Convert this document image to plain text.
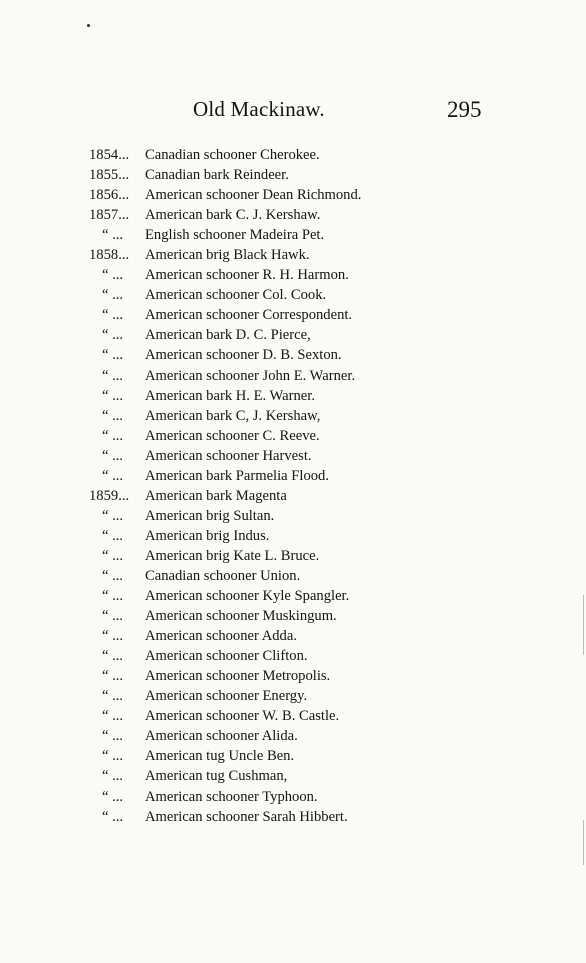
Old Mackinaw.	295
1854... Canadian schooner Cherokee.
1855... Canadian bark Reindeer.
1856... American schooner Dean Richmond.
1857... American bark C. J. Kershaw.
“ ... English schooner Madeira Pet.
1858... American brig Black Hawk.
“ ... American schooner R. H. Harmon.
“ ... American schooner Col. Cook.
“ ... American schooner Correspondent.
“ ... American bark D. C. Pierce,
“ ... American schooner D. B. Sexton.
“ ... American schooner John E. Warner.
“ ... American bark H. E. Warner.
“ ... American bark C, J. Kershaw,
“ ... American schooner C. Reeve.
“ ... American schooner Harvest.
“ ... American bark Parmelia Flood.
1859... American bark Magenta
“ ... American brig Sultan.
“ ... American brig Indus.
“ ... American brig Kate L. Bruce.
“ ... Canadian schooner Union.
“ ... American schooner Kyle Spangler.
“ ... American schooner Muskingum.
“ ... American schooner Adda.
“ ... American schooner Clifton.
“ ... American schooner Metropolis.
“ ... American schooner Energy.
“ ... American schooner W. B. Castle.
“ ... American schooner Alida.
“ ... American tug Uncle Ben.
“ ... American tug Cushman,
“ ... American schooner Typhoon.
“ ... American schooner Sarah Hibbert.
